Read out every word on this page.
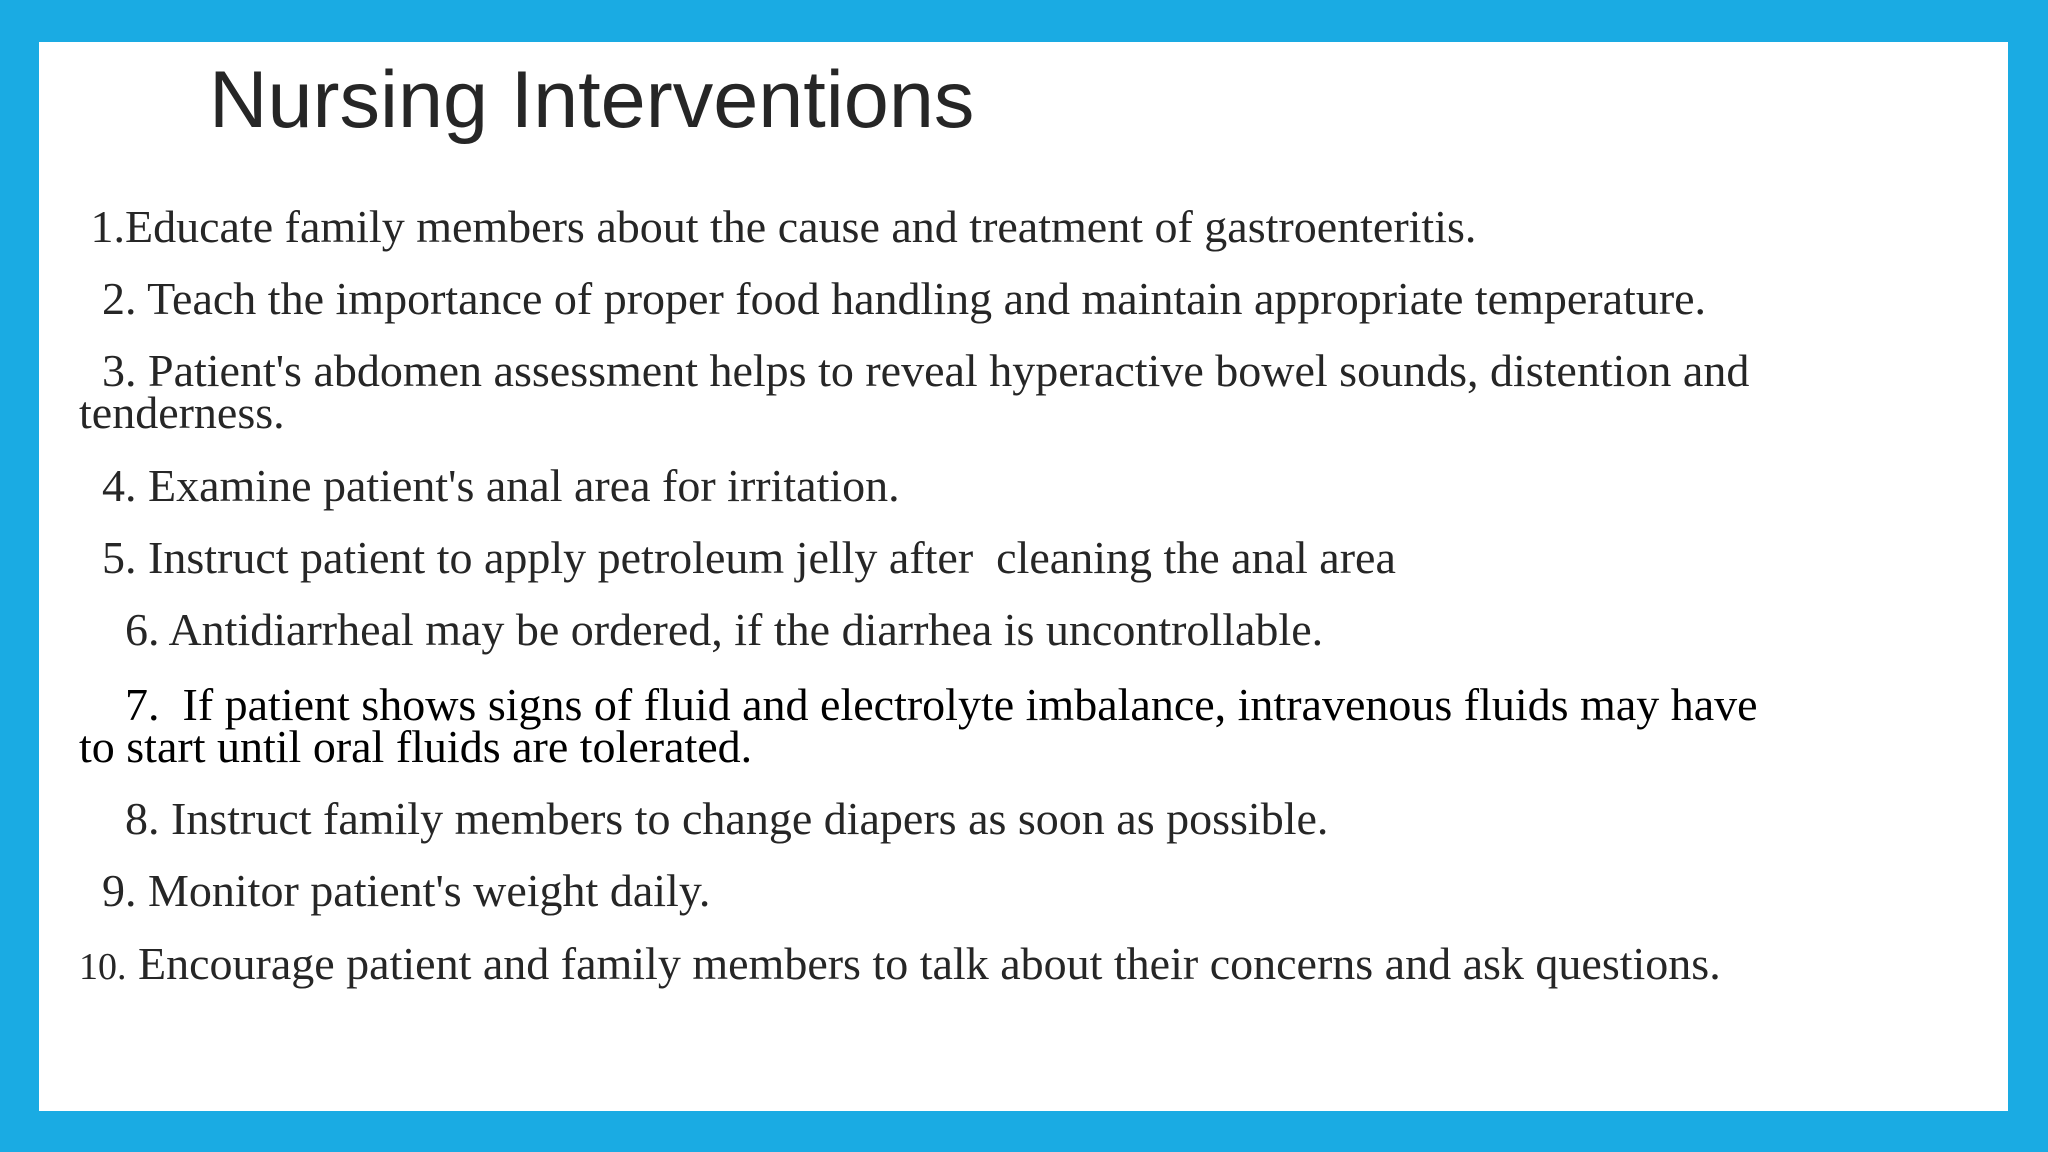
Nursing Interventions

1.Educate family members about the cause and treatment of gastroenteritis.

2. Teach the importance of proper food handling and maintain appropriate temperature.

3. Patient's abdomen assessment helps to reveal hyperactive bowel sounds, distention and
tenderness.

4. Examine patient's anal area for irritation.

5. Instruct patient to apply petroleum jelly after  cleaning the anal area

6. Antidiarrheal may be ordered, if the diarrhea is uncontrollable.

7.  If patient shows signs of fluid and electrolyte imbalance, intravenous fluids may have
to start until oral fluids are tolerated.

8. Instruct family members to change diapers as soon as possible.

9. Monitor patient's weight daily.

10. Encourage patient and family members to talk about their concerns and ask questions.
